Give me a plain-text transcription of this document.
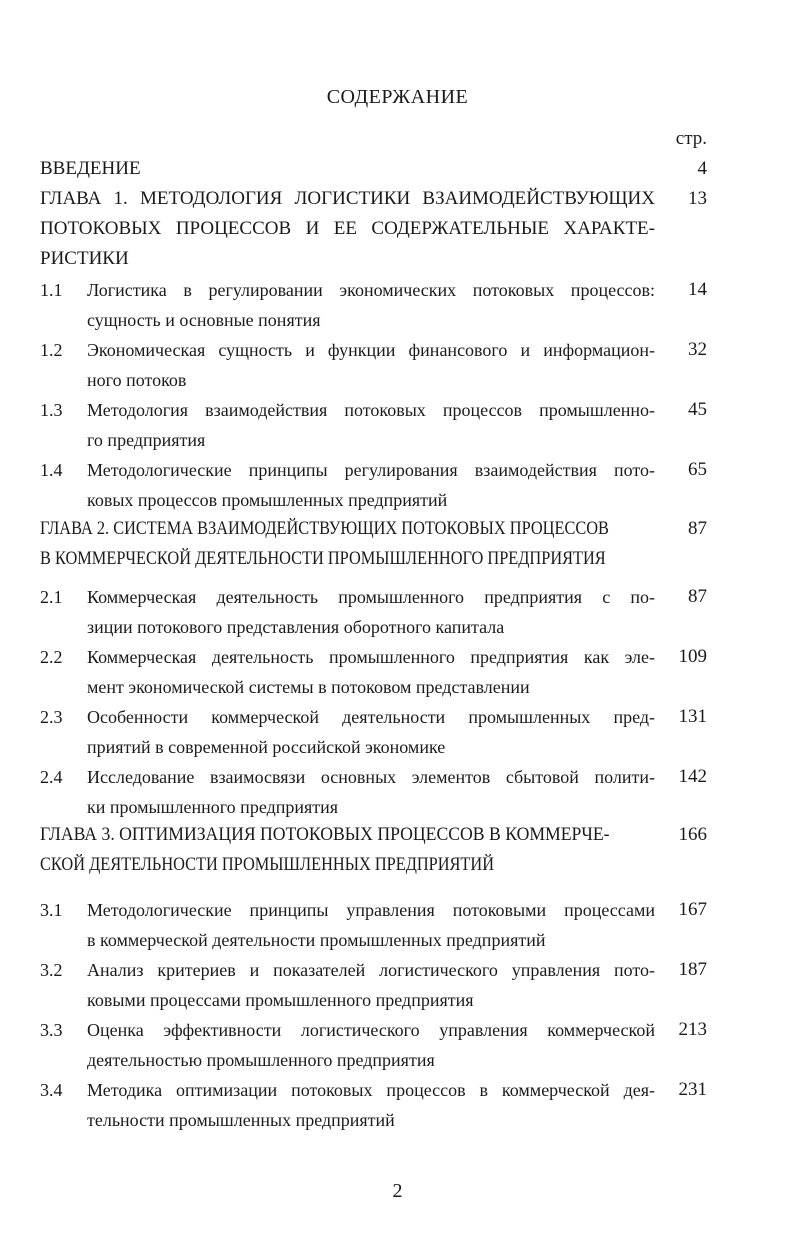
СОДЕРЖАНИЕ
стр.
ВВЕДЕНИЕ	4
ГЛАВА 1. МЕТОДОЛОГИЯ ЛОГИСТИКИ ВЗАИМОДЕЙСТВУЮЩИХ	13
ПОТОКОВЫХ ПРОЦЕССОВ И ЕЕ СОДЕРЖАТЕЛЬНЫЕ ХАРАКТЕ-
РИСТИКИ
1.1 Логистика в регулировании экономических потоковых процессов:	14
сущность и основные понятия
1.2 Экономическая сущность и функции финансового и информацион-	32
ного потоков
1.3 Методология взаимодействия потоковых процессов промышленно-	45
го предприятия
1.4 Методологические принципы регулирования взаимодействия пото-	65
ковых процессов промышленных предприятий
ГЛАВА 2. СИСТЕМА ВЗАИМОДЕЙСТВУЮЩИХ ПОТОКОВЫХ ПРОЦЕССОВ	87
В КОММЕРЧЕСКОЙ ДЕЯТЕЛЬНОСТИ ПРОМЫШЛЕННОГО ПРЕДПРИЯТИЯ
2.1 Коммерческая деятельность промышленного предприятия с по-	87
зиции потокового представления оборотного капитала
2.2 Коммерческая деятельность промышленного предприятия как эле-	109
мент экономической системы в потоковом представлении
2.3 Особенности коммерческой деятельности промышленных пред-	131
приятий в современной российской экономике
2.4 Исследование взаимосвязи основных элементов сбытовой полити-	142
ки промышленного предприятия
ГЛАВА 3. ОПТИМИЗАЦИЯ ПОТОКОВЫХ ПРОЦЕССОВ В КОММЕРЧЕ-	166
СКОЙ ДЕЯТЕЛЬНОСТИ ПРОМЫШЛЕННЫХ ПРЕДПРИЯТИЙ
3.1 Методологические принципы управления потоковыми процессами	167
в коммерческой деятельности промышленных предприятий
3.2 Анализ критериев и показателей логистического управления пото-	187
ковыми процессами промышленного предприятия
3.3 Оценка эффективности логистического управления коммерческой	213
деятельностью промышленного предприятия
3.4 Методика оптимизации потоковых процессов в коммерческой дея-	231
тельности промышленных предприятий
2
